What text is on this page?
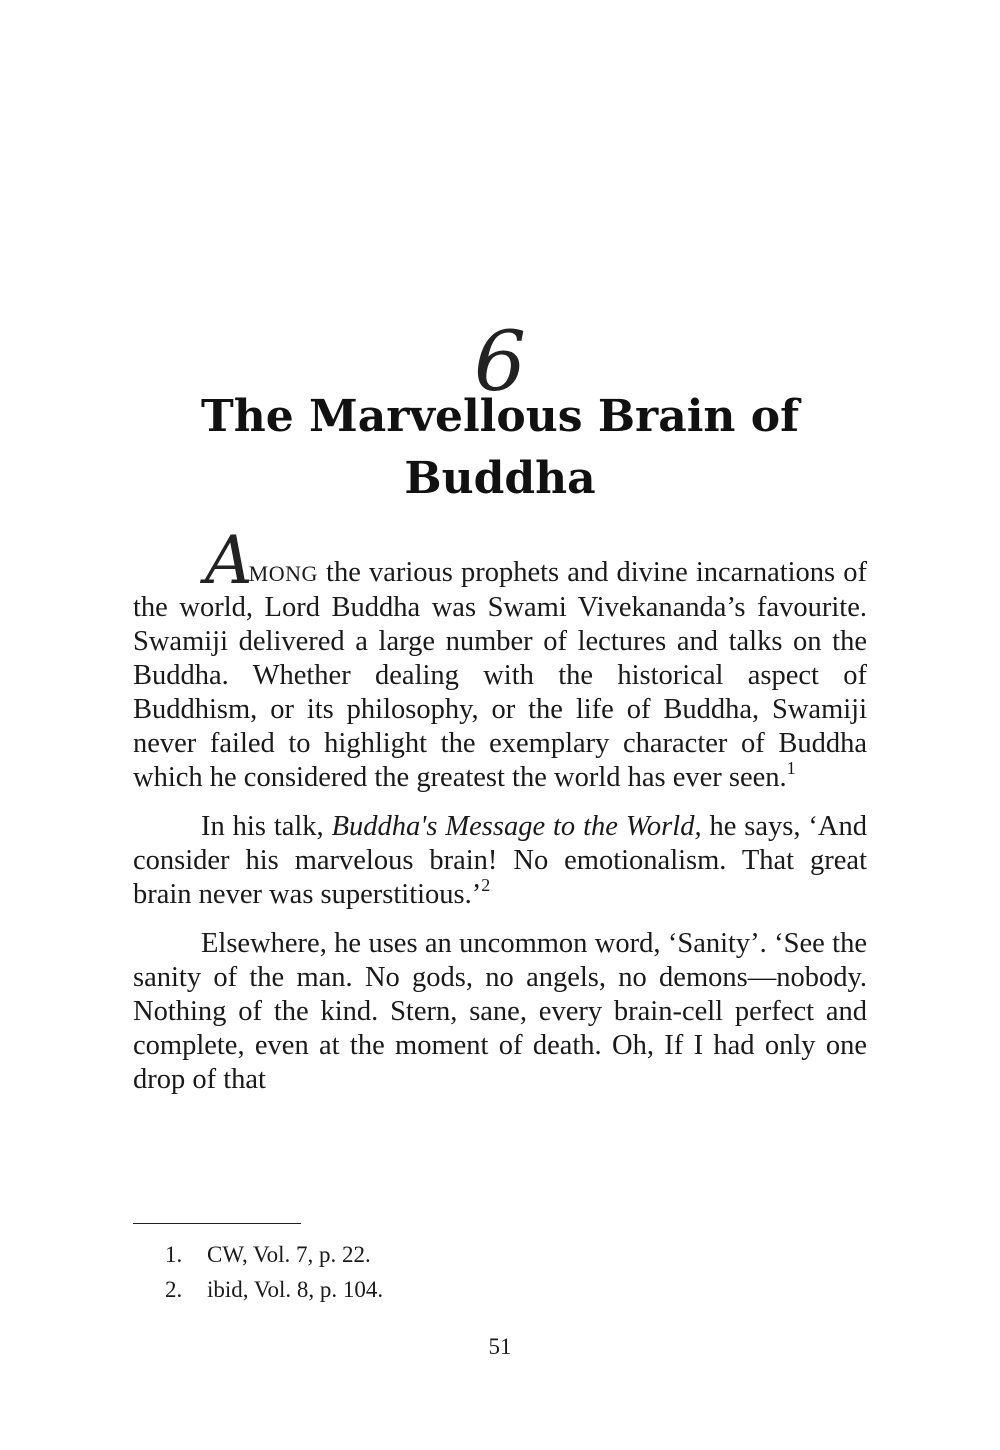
6
The Marvellous Brain of Buddha

AMONG the various prophets and divine incarnations of the world, Lord Buddha was Swami Vivekananda’s favourite. Swamiji delivered a large number of lectures and talks on the Buddha. Whether dealing with the historical aspect of Buddhism, or its philosophy, or the life of Buddha, Swamiji never failed to highlight the exemplary character of Buddha which he considered the greatest the world has ever seen.$^1$

In his talk, Buddha's Message to the World, he says, ‘And consider his marvelous brain! No emotionalism. That great brain never was superstitious.’$^2$

Elsewhere, he uses an uncommon word, ‘Sanity’. ‘See the sanity of the man. No gods, no angels, no demons—nobody. Nothing of the kind. Stern, sane, every brain-cell perfect and complete, even at the moment of death. Oh, If I had only one drop of that

1.	CW, Vol. 7, p. 22.
2.	ibid, Vol. 8, p. 104.
51
